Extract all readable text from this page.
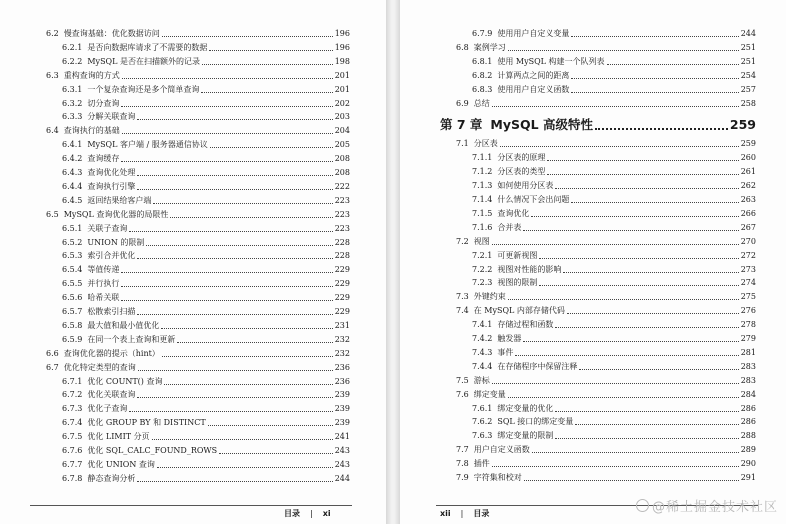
6.2 慢查询基础：优化数据访问	196
6.2.1 是否向数据库请求了不需要的数据	196
6.2.2 MySQL 是否在扫描额外的记录	198
6.3 重构查询的方式	201
6.3.1 一个复杂查询还是多个简单查询	201
6.3.2 切分查询	202
6.3.3 分解关联查询	203
6.4 查询执行的基础	204
6.4.1 MySQL 客户端 / 服务器通信协议	205
6.4.2 查询缓存	208
6.4.3 查询优化处理	208
6.4.4 查询执行引擎	222
6.4.5 返回结果给客户端	223
6.5 MySQL 查询优化器的局限性	223
6.5.1 关联子查询	223
6.5.2 UNION 的限制	228
6.5.3 索引合并优化	228
6.5.4 等值传递	229
6.5.5 并行执行	229
6.5.6 哈希关联	229
6.5.7 松散索引扫描	229
6.5.8 最大值和最小值优化	231
6.5.9 在同一个表上查询和更新	232
6.6 查询优化器的提示（hint）	232
6.7 优化特定类型的查询	236
6.7.1 优化 COUNT() 查询	236
6.7.2 优化关联查询	239
6.7.3 优化子查询	239
6.7.4 优化 GROUP BY 和 DISTINCT	239
6.7.5 优化 LIMIT 分页	241
6.7.6 优化 SQL_CALC_FOUND_ROWS	243
6.7.7 优化 UNION 查询	243
6.7.8 静态查询分析	244
目录 | xi
6.7.9 使用用户自定义变量	244
6.8 案例学习	251
6.8.1 使用 MySQL 构建一个队列表	251
6.8.2 计算两点之间的距离	254
6.8.3 使用用户自定义函数	257
6.9 总结	258
第 7 章 MySQL 高级特性	259
7.1 分区表	259
7.1.1 分区表的原理	260
7.1.2 分区表的类型	261
7.1.3 如何使用分区表	262
7.1.4 什么情况下会出问题	263
7.1.5 查询优化	266
7.1.6 合并表	267
7.2 视图	270
7.2.1 可更新视图	272
7.2.2 视图对性能的影响	273
7.2.3 视图的限制	274
7.3 外键约束	275
7.4 在 MySQL 内部存储代码	276
7.4.1 存储过程和函数	278
7.4.2 触发器	279
7.4.3 事件	281
7.4.4 在存储程序中保留注释	283
7.5 游标	283
7.6 绑定变量	284
7.6.1 绑定变量的优化	286
7.6.2 SQL 接口的绑定变量	286
7.6.3 绑定变量的限制	288
7.7 用户自定义函数	289
7.8 插件	290
7.9 字符集和校对	291
xii | 目录	@稀土掘金技术社区
